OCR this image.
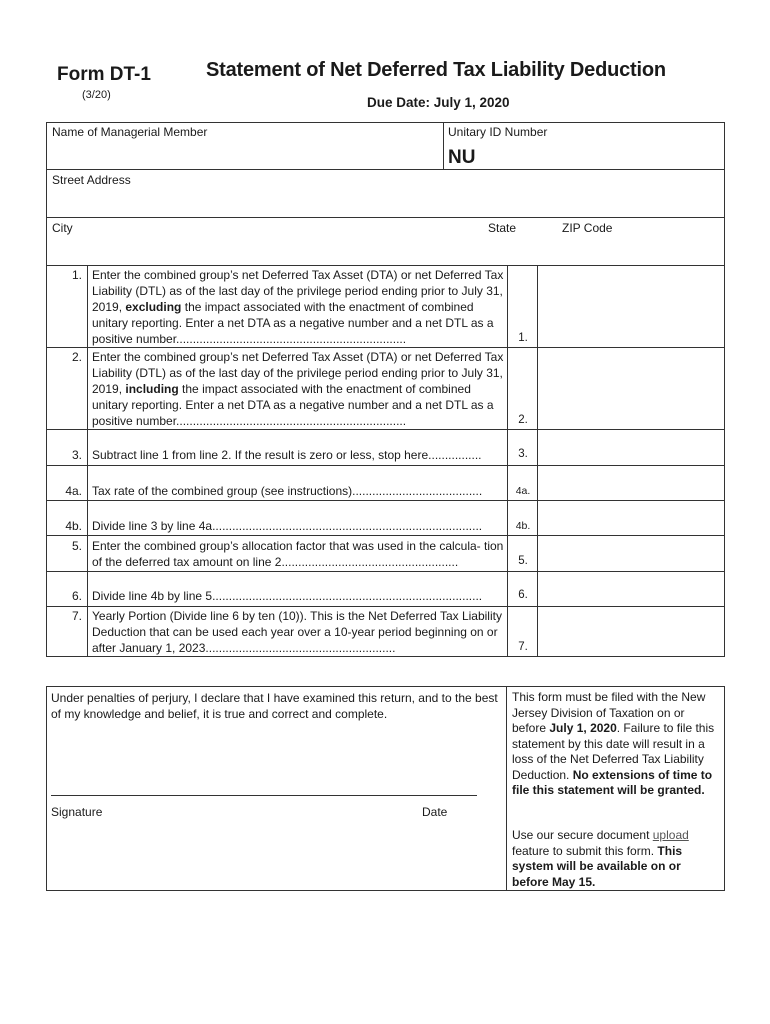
Form DT-1
(3/20)
Statement of Net Deferred Tax Liability Deduction
Due Date: July 1, 2020
Name of Managerial Member	Unitary ID Number
NU
Street Address
City	State	ZIP Code
1. Enter the combined group’s net Deferred Tax Asset (DTA) or net Deferred Tax Liability (DTL) as of the last day of the privilege period ending prior to July 31, 2019, excluding the impact associated with the enactment of combined unitary reporting. Enter a net DTA as a negative number and a net DTL as a positive number.....................................................................	1.
2. Enter the combined group’s net Deferred Tax Asset (DTA) or net Deferred Tax Liability (DTL) as of the last day of the privilege period ending prior to July 31, 2019, including the impact associated with the enactment of combined unitary reporting. Enter a net DTA as a negative number and a net DTL as a positive number.....................................................................	2.
3. Subtract line 1 from line 2. If the result is zero or less, stop here................	3.
4a. Tax rate of the combined group (see instructions).......................................	4a.
4b. Divide line 3 by line 4a.................................................................................	4b.
5. Enter the combined group’s allocation factor that was used in the calcula- tion of the deferred tax amount on line 2.....................................................	5.
6. Divide line 4b by line 5.................................................................................	6.
7. Yearly Portion (Divide line 6 by ten (10)). This is the Net Deferred Tax Liability Deduction that can be used each year over a 10-year period beginning on or after January 1, 2023.........................................................	7.
Under penalties of perjury, I declare that I have examined this return, and to the best of my knowledge and belief, it is true and correct and complete.
Signature	Date
This form must be filed with the New Jersey Division of Taxation on or before July 1, 2020. Failure to file this statement by this date will result in a loss of the Net Deferred Tax Liability Deduction. No extensions of time to file this statement will be granted.
Use our secure document upload feature to submit this form. This system will be available on or before May 15.
